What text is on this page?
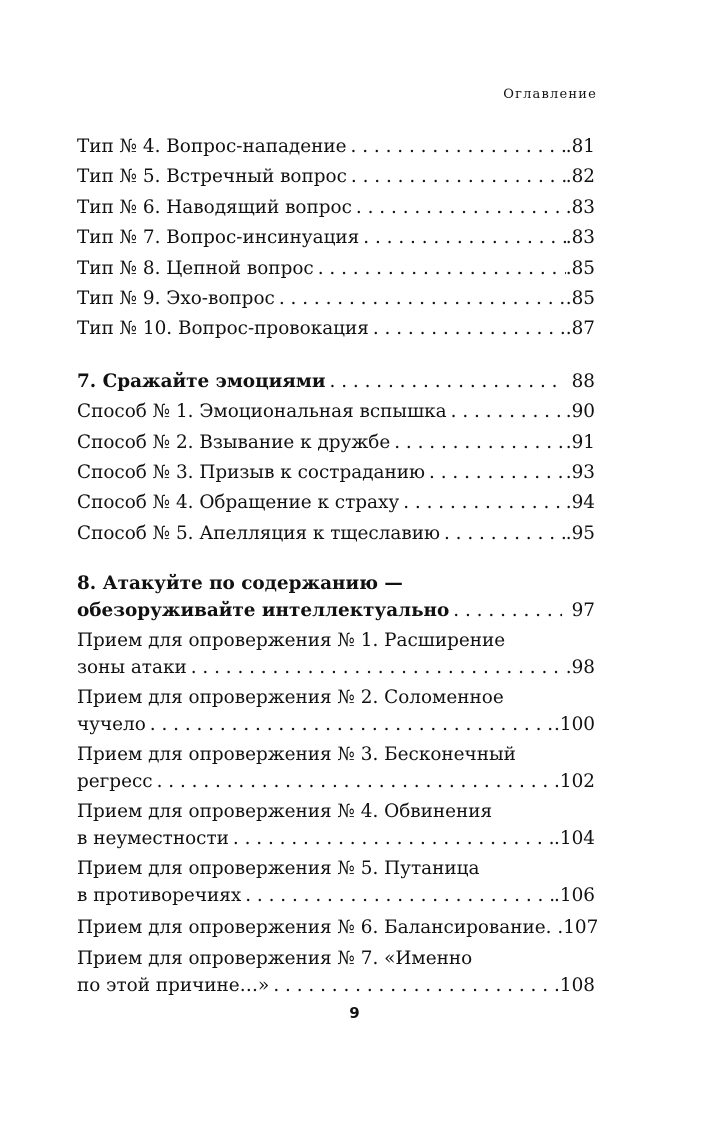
Оглавление
Тип № 4. Вопрос-нападение . . .	.81
Тип № 5. Встречный вопрос . . .	.82
Тип № 6. Наводящий вопрос . . .	.83
Тип № 7. Вопрос-инсинуация . . .	.83
Тип № 8. Цепной вопрос . . .	.85
Тип № 9. Эхо-вопрос . . .	.85
Тип № 10. Вопрос-провокация . . .	.87
7. Сражайте эмоциями . . .	88
Способ № 1. Эмоциональная вспышка . . .	.90
Способ № 2. Взывание к дружбе . . .	.91
Способ № 3. Призыв к состраданию . . .	.93
Способ № 4. Обращение к страху . . .	.94
Способ № 5. Апелляция к тщеславию . . .	.95
8. Атакуйте по содержанию —
обезоруживайте интеллектуально . . .	97
Прием для опровержения № 1. Расширение
зоны атаки . . .	.98
Прием для опровержения № 2. Соломенное
чучело . . .	.100
Прием для опровержения № 3. Бесконечный
регресс . . .	.102
Прием для опровержения № 4. Обвинения
в неуместности . . .	.104
Прием для опровержения № 5. Путаница
в противоречиях . . .	.106
Прием для опровержения № 6. Балансирование . .107
Прием для опровержения № 7. «Именно
по этой причине…» . . .	.108
9
